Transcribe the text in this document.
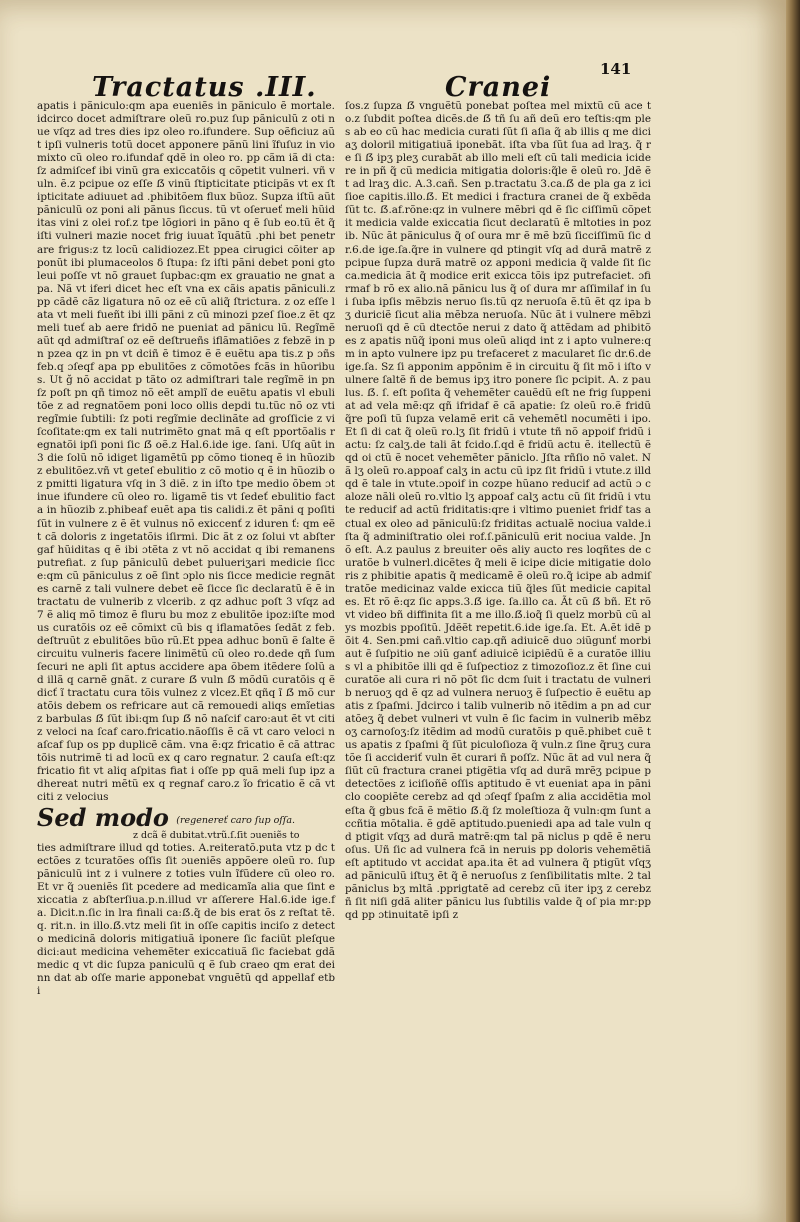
Tractatus .III.	Cranei
141

apatis i pãniculo:qm apa eueniẽs in pãniculo ẽ mortale. idcirco docet admiſtrare oleũ ro.puz ſup pãniculũ z oti nue vſqz ad tres dies ipz oleo ro.ifundere. Sup oẽficiuz aũt ipſi vulneris totũ docet apponere pãnũ lini ĩfuſuz in vio mixto cũ oleo ro.ifundaf qdẽ in oleo ro. pp cãm iã di cta:ſz admiſcef ibi vinũ gra exiccatõis q cõpetit vulneri. vñ vuln. ẽ.z pcipue oz eſſe ẞ vinũ ſtipticitate pticipãs vt ex ſtipticitate adiuuet ad .phibitõem flux bũoz. Supza iſtũ aũt pãniculũ oz poni ali pãnus ſiccus. tũ vt oſerueť meli hũiditas vini z olei rof.z tpe lõgiori in pãno q ẽ ſub eo.tũ ẽt q̃ iſti vulneri mazie nocet frig iuuat ĩquãtũ .phi bet penetrare frigus:z tz locũ calidiozez.Et ppea cirugici cõiter apponũt ibi plumaceolos ẟ ſtupa: ſz iſti pãni debet poni gto leui poſſe vt nõ grauet ſupbac:qm ex grauatio ne gnat apa. Nã vt iferi dicet hec eſt vna ex cãis apatis pãniculi.z pp cãdẽ cãz ligatura nõ oz eẽ cũ aliq̃ ſtrictura. z oz eſſe lata vt meli fueñt ibi illi pãni z cũ minozi pzeſ ſioe.z ẽt qz meli tueť ab aere fridõ ne pueniat ad pãnicu lũ. Regĩmẽ aũt qd admiſtraſ oz eẽ deſtrueñs iflãmatiões z febzẽ in pn pzea qz in pn vt dciñ ẽ timoz ẽ ẽ euẽtu apa tis.z p ɔñs feb.q ɔſeqf apa pp ebulitões z cõmotões fcãs in hũoribus. Ut ğ nõ accidat p tãto oz admiſtrari tale regĩmẽ in pn ſz poſt pn qñ timoz nõ eẽt amplĩ de euẽtu apatis vl ebulitõe z ad regnatõem poni loco ollis depdi tu.tũc nõ oz vti regĩmie ſubtili: ſz poti regĩmie declinãte ad groſſicie z viſcoſitate:qm ex tali nutrimẽto gnat mã q eſt pportõalis regnatõi ipſi poni ſic ẞ oẽ.z Hal.6.ide ige. ſani. Uſq aũt in 3 die ſolũ nõ idiget ligamẽtũ pp cõmo tioneq ẽ in hũozib z ebulitõez.vñ vt geteſ ebulitio z cõ motio q ẽ in hũozib oz pmitti ligatura vſq in 3 diẽ. z in iſto tpe medio õbem ɔtinue ifundere cũ oleo ro. ligamẽ tis vt ſedeť ebulitio facta in hũozib z.phibeaf euẽt apa tis calidi.z ẽt pãni q poſiti ſũt in vulnere z ẽ ẽt vulnus nõ exiccenť z iduren ť: qm eẽt cã doloris z ingetatõis iſirmi. Dic ãt z oz ſolui vt abſtergaf hũiditas q ẽ ibi ɔtẽta z vt nõ accidat q ibi remanens putrefiat. z ſup pãniculũ debet pulueriʒari medicie ſicce:qm cũ pãniculus z oẽ ſint ɔplo nis ſicce medicie regnãtes carnẽ z tali vulnere debet eẽ ſicce ſic declaratũ ẽ ẽ in tractatu de vulnerib z vlcerib. z qz adhuc poſt 3 vſqz ad 7 ẽ aliq mõ timoz ẽ fluru bu moz z ebulitõe ipoz:iſte modus curatõis oz eẽ cõmixt cũ bis q iflamatões ſedãt z feb.deſtruũt z ebulitões bũo rũ.Et ppea adhuc bonũ ẽ ſalte ẽ circuitu vulneris facere linimẽtũ cũ oleo ro.dede qñ ſum ſecuri ne apli ſit aptus accidere apa õbem itẽdere ſolũ ad illã q carnẽ gnãt. z curare ẞ vuln ẞ mõdũ curatõis q ẽ dicť ĩ tractatu cura tõis vulnez z vlcez.Et qñq ĩ ẞ mõ curatõis debem os refricare aut cã remouedi aliqs emĩetias z barbulas ẞ ſũt ibi:qm ſup ẞ nõ naſcif caro:aut ẽt vt citi z veloci na ſcaf caro.fricatio.nãoſſis ẽ cã vt caro veloci naſcaf ſup os pp duplicẽ cãm. vna ẽ:qz fricatio ẽ cã attractõis nutrimẽ ti ad locũ ex q caro regnatur. 2 cauſa eſt:qz fricatio fit vt aliq aſpitas fiat i oſſe pp quã meli ſup ipz adhereat nutri mẽtũ ex q regnaf caro.z ĩo fricatio ẽ cã vt citi z velocius

Sed modo (regenereť caro ſup oſſa.
z dcã ẽ dubitat.vtrũ.ſ.ſit ɔueniẽs to

ties admiſtrare illud qd toties. A.reiteratõ.puta vtz p dc tectões z tcuratões oſſis ſit ɔueniẽs appõere oleũ ro. ſup pãniculũ int z i vulnere z toties vuln ĩfũdere cũ oleo ro. Et vr q̃ ɔueniẽs ſit pcedere ad medicamĩa alia que ſint exiccatia z abſterſiua.p.n.illud vr aſſerere Hal.6.ide ige.fa. Dicit.n.ſic in lra finali ca:ẞ.q̃ de bis erat õs z reſtat tẽ.q. rit.n. in illo.ẞ.vtz meli ſit in oſſe capitis inciſo z detecto medicinã doloris mitigatiuã iponere ſic faciũt pleſque dici:aut medicina vehemẽter exiccatiuã ſic faciebat gdã medic q vt dic ſupza paniculũ q ẽ ſub craeo qm erat deinn dat ab oſſe marie apponebat vnguẽtũ qd appellaf etbi

ſos.z ſupza ẞ vnguẽtũ ponebat poſtea mel mixtũ cũ ace to.z ſubdit poſtea dicẽs.de ẞ tñ ſu añ deũ ero teſtis:qm ples ab eo cũ hac medicia curati ſũt ſi aſia q̃ ab illis q me diciaʒ doloril mitigatiuã iponebãt. iſta vba ſũt ſua ad lraʒ. q̃ re ſi ẞ ipʒ pleʒ curabãt ab illo meli eſt cũ tali medicia icidere in pñ q̃ cũ medicia mitigatia doloris:q̃le ẽ oleũ ro. Jdẽ ẽt ad lraʒ dic. A.3.cañ. Sen p.tractatu 3.ca.ẞ de pla ga z iciſioe capitis.illo.ẞ. Et medici i fractura cranei de q̃ exbẽda ſũt tc. ẞ.af.rõne:qz in vulnere mẽbri qd ẽ ſic ciſſimũ cõpetit medicia valde exiccatia ſicut declaratũ ẽ mltoties in pozib. Nũc ãt pãniculus q̃ oſ oura mr ẽ mẽ bzũ ſicciſſimũ ſic dr.6.de ige.ſa.q̃re in vulnere qd ptingit vſq ad durã matrẽ z pcipue ſupza durã matrẽ oz apponi medicia q̃ valde ſit ſicca.medicia ãt q̃ modice erit exicca tõis ipz putrefaciet. ɔfirmaf b rõ ex alio.nã pãnicu lus q̃ oſ dura mr aſſimilaf in ſui ſuba ipſis mẽbzis neruo ſis.tũ qz neruoſa ẽ.tũ ẽt qz ipa bʒ duriciẽ ſicut alia mẽbza neruoſa. Nũc ãt i vulnere mẽbzi neruoſi qd ẽ cũ dtectõe nerui z dato q̃ attẽdam ad phibitões z apatis nũq̃ iponi mus oleũ aliqd int z i apto vulnere:qm in apto vulnere ipz pu trefaceret z macularet ſic dr.6.de ige.ſa. Sz ſi apponim appõnim ẽ in circuitu q̃ ſit mõ i iſto vulnere ſaltẽ ñ de bemus ipʒ itro ponere ſic pcipit. A. z paulus. ẞ. ſ. eſt poſita q̃ vehemẽter cauẽdũ eſt ne frig ſuppeniat ad vela mẽ:qz qñ ifridaf ẽ cã apatie: ſz oleũ ro.ẽ fridũ q̃re poſi tũ ſupza velamẽ erit cã vehemẽtl nocumẽti i ipo. Et ſi di cat q̃ oleũ ro.lʒ ſit fridũ i vtute tñ nõ appoif fridũ i actu: ſz calʒ.de tali ãt fcido.ſ.qd ẽ fridũ actu ẽ. itellectũ ẽ qd oi ctũ ẽ nocet vehemẽter pãniclo. Jſta rñſio nõ valet. Nã lʒ oleũ ro.appoaf calʒ in actu cũ ipz ſit fridũ i vtute.z illd qd ẽ tale in vtute.ɔpoif in cozpe hũano reducif ad actũ ɔ caloze nãli oleũ ro.vltio lʒ appoaf calʒ actu cũ ſit fridũ i vtute reducif ad actũ friditatis:qre i vltimo pueniet fridf tas actual ex oleo ad pãniculũ:ſz friditas actualẽ nociua valde.iſta q̃ adminiſtratio olei rof.ſ.pãniculũ erit nociua valde. Jn õ eſt. A.z paulus z breuiter oẽs aliy aucto res loqñtes de curatõe b vulnerl.dicẽtes q̃ meli ẽ icipe dicie mitigatie doloris z phibitie apatis q̃ medicamẽ ẽ oleũ ro.q̃ icipe ab admiſtratõe medicinaz valde exicca tiũ q̃les ſũt medicie capitales. Et rõ ẽ:qz ſic apps.3.ẞ ige. ſa.illo ca. Ãt cũ ẞ bñ. Et rõ vt video bñ diffinita ſit a me illo.ẞ.ioq̃ ſi quelz morbũ cũ alys mozbis ppoſitũ. Jdẽẽt repetit.6.ide ige.ſa. Et. A.ẽt idẽ põit 4. Sen.pmi cañ.vltio cap.qñ adiuicẽ duo ɔiũgunť morbi aut ẽ ſuſpitio ne ɔiũ ganť adiuicẽ icipiẽdũ ẽ a curatõe illius vl a phibitõe illi qd ẽ ſuſpectioz z timozoſioz.z ẽt ſine cui curatõe ali cura ri nõ põt ſic dcm ſuit i tractatu de vulnerib neruoʒ qd ẽ qz ad vulnera neruoʒ ẽ ſuſpectio ẽ euẽtu apatis z ſpaſmi. Jdcirco i talib vulnerib nõ itẽdim a pn ad curatõeʒ q̃ debet vulneri vt vuln ẽ ſic facim in vulnerib mẽbzoʒ carnoſoʒ:ſz itẽdim ad modũ curatõis p quẽ.phibet cuẽ tus apatis z ſpaſmi q̃ ſũt piculoſioza q̃ vuln.z ſine q̃ruʒ curatõe ſi accideriť vuln ẽt curari ñ poſſz. Nũc ãt ad vul nera q̃ ſiũt cũ fractura cranei ptigẽtia vſq ad durã mrẽʒ pcipue p detectões z iciſioñẽ oſſis aptitudo ẽ vt eueniat apa in pãniclo coopiẽte cerebz ad qd ɔſeqf ſpaſm z alia accidẽtia moleſta q̃ gbus fcã ẽ mẽtio ẞ.q̃ ſz moleſtioza q̃ vuln:qm ſunt accñtia mõtalia. ẽ gdẽ aptitudo.pueniedi apa ad tale vuln qd ptigit vſqʒ ad durã matrẽ:qm tal pã niclus p qdẽ ẽ neruoſus. Uñ ſic ad vulnera fcã in neruis pp doloris vehemẽtiã eſt aptitudo vt accidat apa.ita ẽt ad vulnera q̃ ptigũt vſqʒ ad pãniculũ iſtuʒ ẽt q̃ ẽ neruoſus z ſenſibilitatis mlte. 2 tal pãniclus bʒ mltã .pprigtatẽ ad cerebz cũ iter ipʒ z cerebz ñ ſit niſi gdã aliter pãnicu lus ſubtilis valde q̃ oſ pia mr:pp qd pp ɔtinuitatẽ ipſi z
